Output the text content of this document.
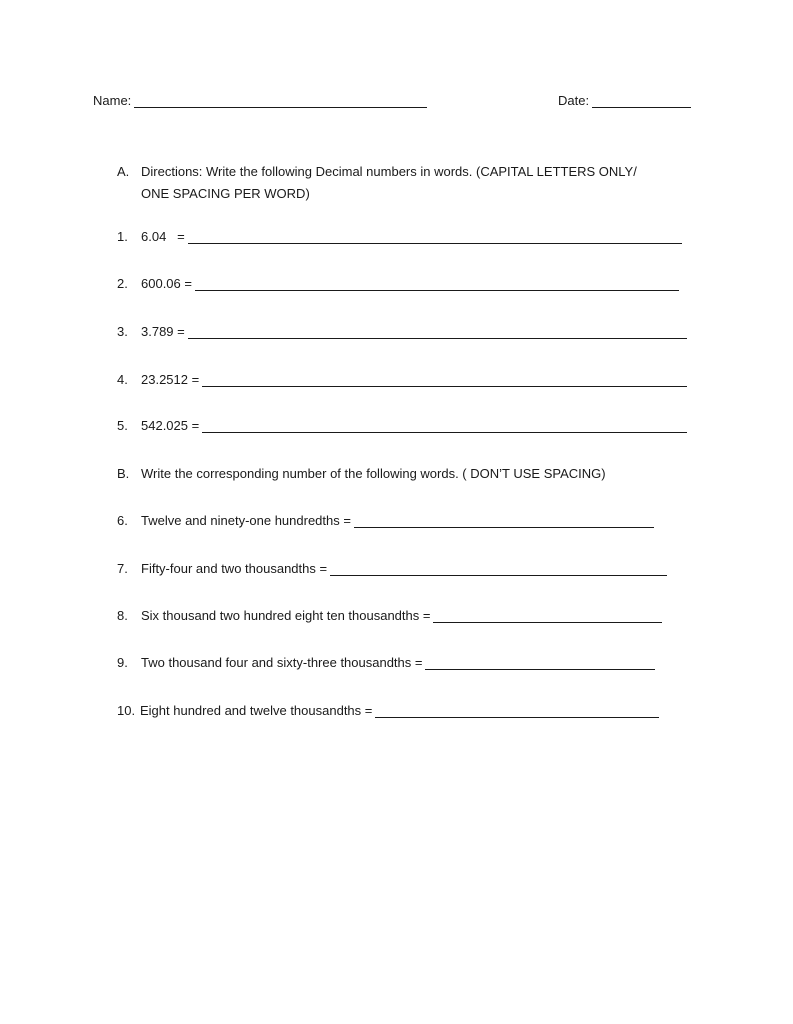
Name:	Date:
A. Directions: Write the following Decimal numbers in words. (CAPITAL LETTERS ONLY/
ONE SPACING PER WORD)
1.	6.04   =
2.	600.06 =
3.	3.789 =
4.	23.2512 =
5.	542.025 =
B. Write the corresponding number of the following words. ( DON’T USE SPACING)
6.	Twelve and ninety-one hundredths =
7.	Fifty-four and two thousandths =
8.	Six thousand two hundred eight ten thousandths =
9.	Two thousand four and sixty-three thousandths =
10. Eight hundred and twelve thousandths =
